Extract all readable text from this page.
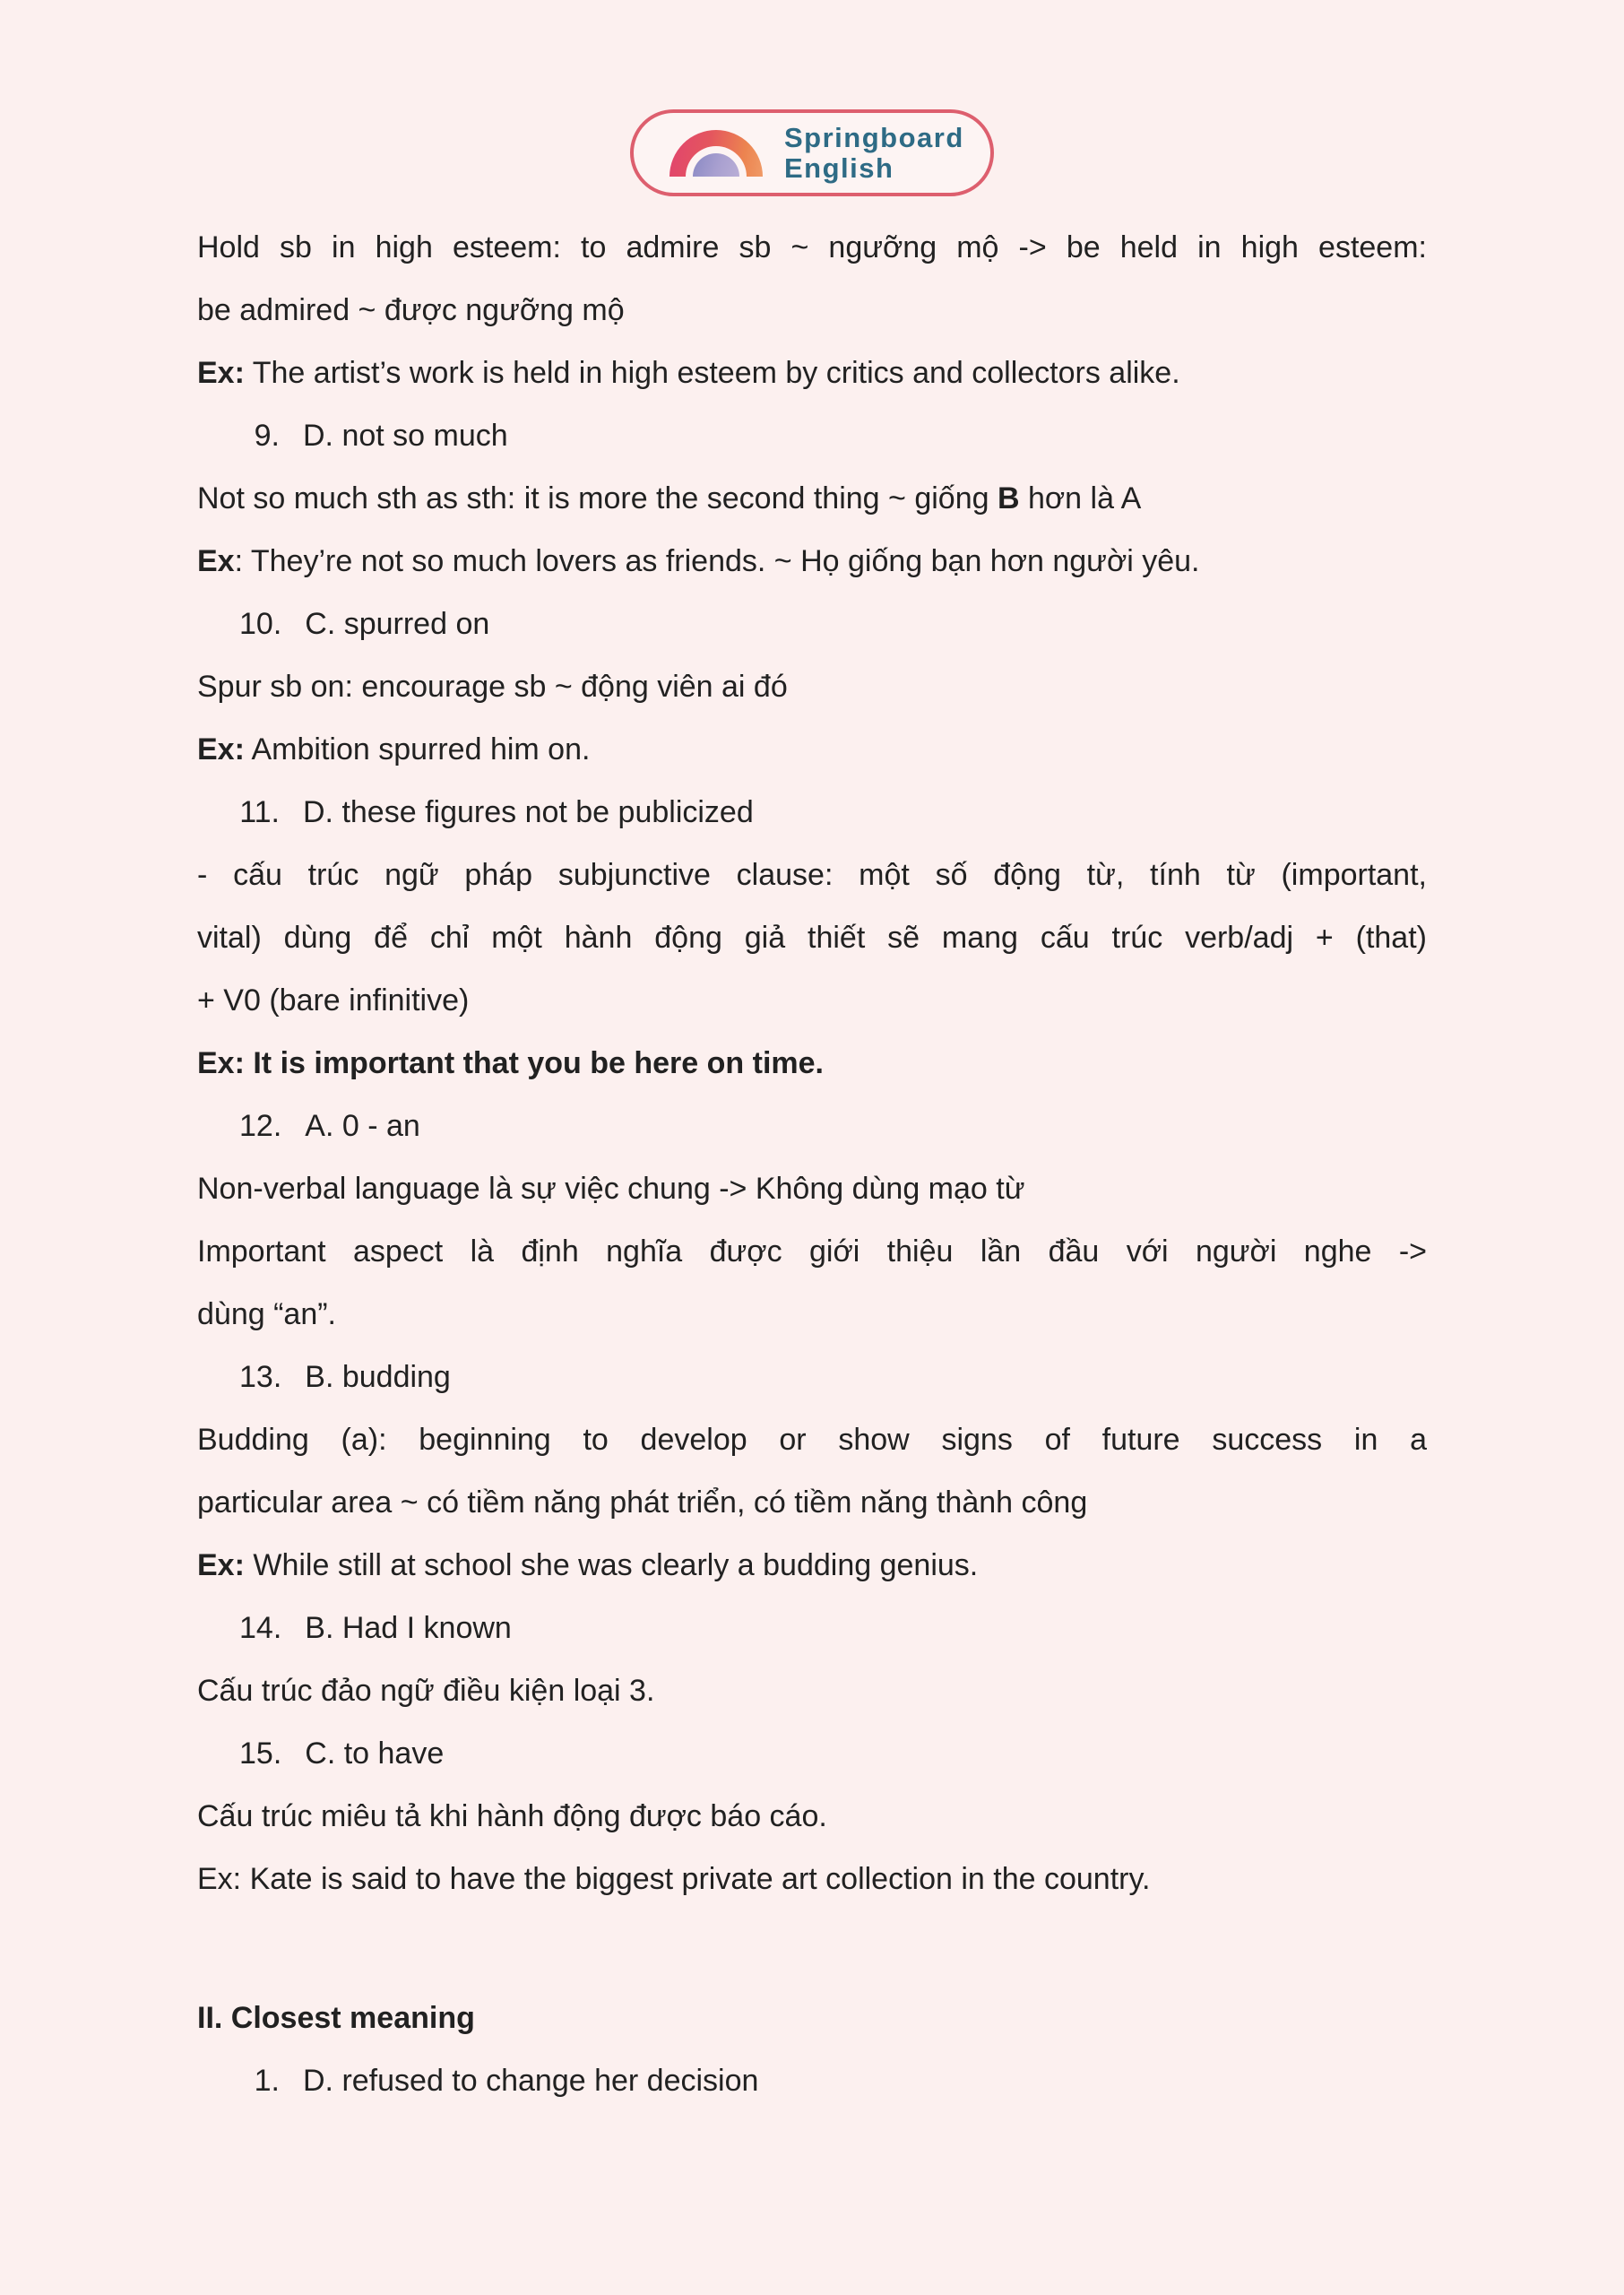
Springboard
English
Hold sb in high esteem: to admire sb ~ ngưỡng mộ -> be held in high esteem:
be admired ~ được ngưỡng mộ
Ex: The artist’s work is held in high esteem by critics and collectors alike.
9. D. not so much
Not so much sth as sth: it is more the second thing ~ giống B hơn là A
Ex: They’re not so much lovers as friends. ~ Họ giống bạn hơn người yêu.
10. C. spurred on
Spur sb on: encourage sb ~ động viên ai đó
Ex: Ambition spurred him on.
11. D. these figures not be publicized
- cấu trúc ngữ pháp subjunctive clause: một số động từ, tính từ (important,
vital) dùng để chỉ một hành động giả thiết sẽ mang cấu trúc verb/adj + (that)
+ V0 (bare infinitive)
Ex: It is important that you be here on time.
12. A. 0 - an
Non-verbal language là sự việc chung -> Không dùng mạo từ
Important aspect là định nghĩa được giới thiệu lần đầu với người nghe ->
dùng “an”.
13. B. budding
Budding (a): beginning to develop or show signs of future success in a
particular area ~ có tiềm năng phát triển, có tiềm năng thành công
Ex: While still at school she was clearly a budding genius.
14. B. Had I known
Cấu trúc đảo ngữ điều kiện loại 3.
15. C. to have
Cấu trúc miêu tả khi hành động được báo cáo.
Ex: Kate is said to have the biggest private art collection in the country.
II. Closest meaning
1. D. refused to change her decision
